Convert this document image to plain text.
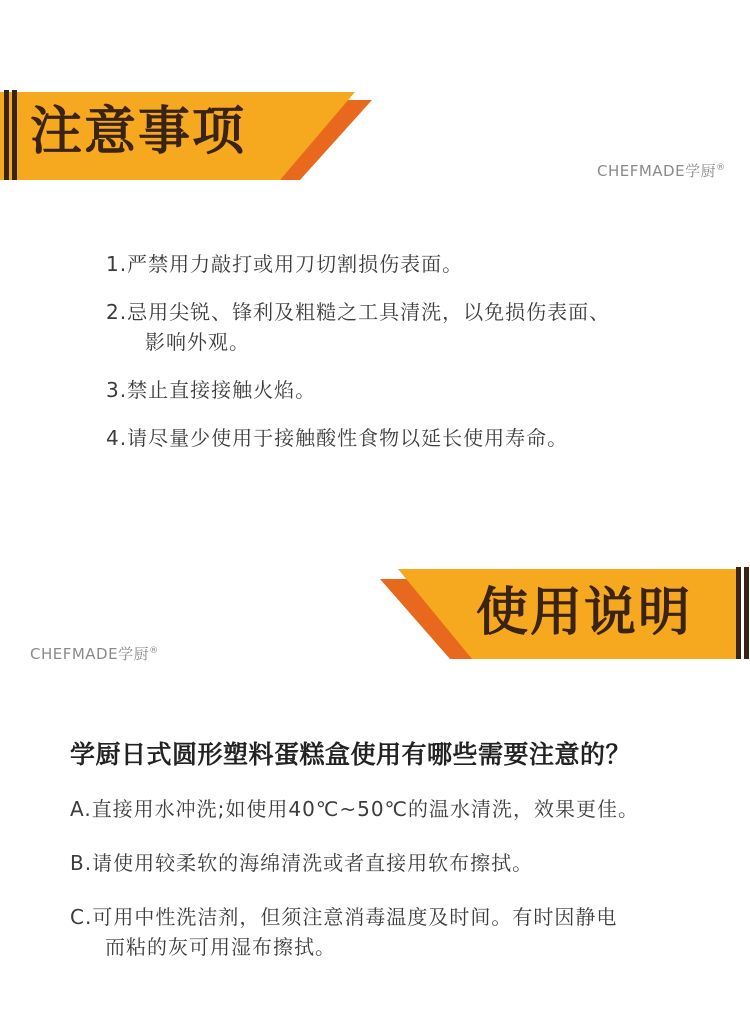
注意事项
CHEFMADE学厨®
1.严禁用力敲打或用刀切割损伤表面。
2.忌用尖锐、锋利及粗糙之工具清洗，以免损伤表面、
影响外观。
3.禁止直接接触火焰。
4.请尽量少使用于接触酸性食物以延长使用寿命。
使用说明
CHEFMADE学厨®
学厨日式圆形塑料蛋糕盒使用有哪些需要注意的？
A.直接用水冲洗;如使用40℃~50℃的温水清洗，效果更佳。
B.请使用较柔软的海绵清洗或者直接用软布擦拭。
C.可用中性洗洁剂，但须注意消毒温度及时间。有时因静电
而粘的灰可用湿布擦拭。
